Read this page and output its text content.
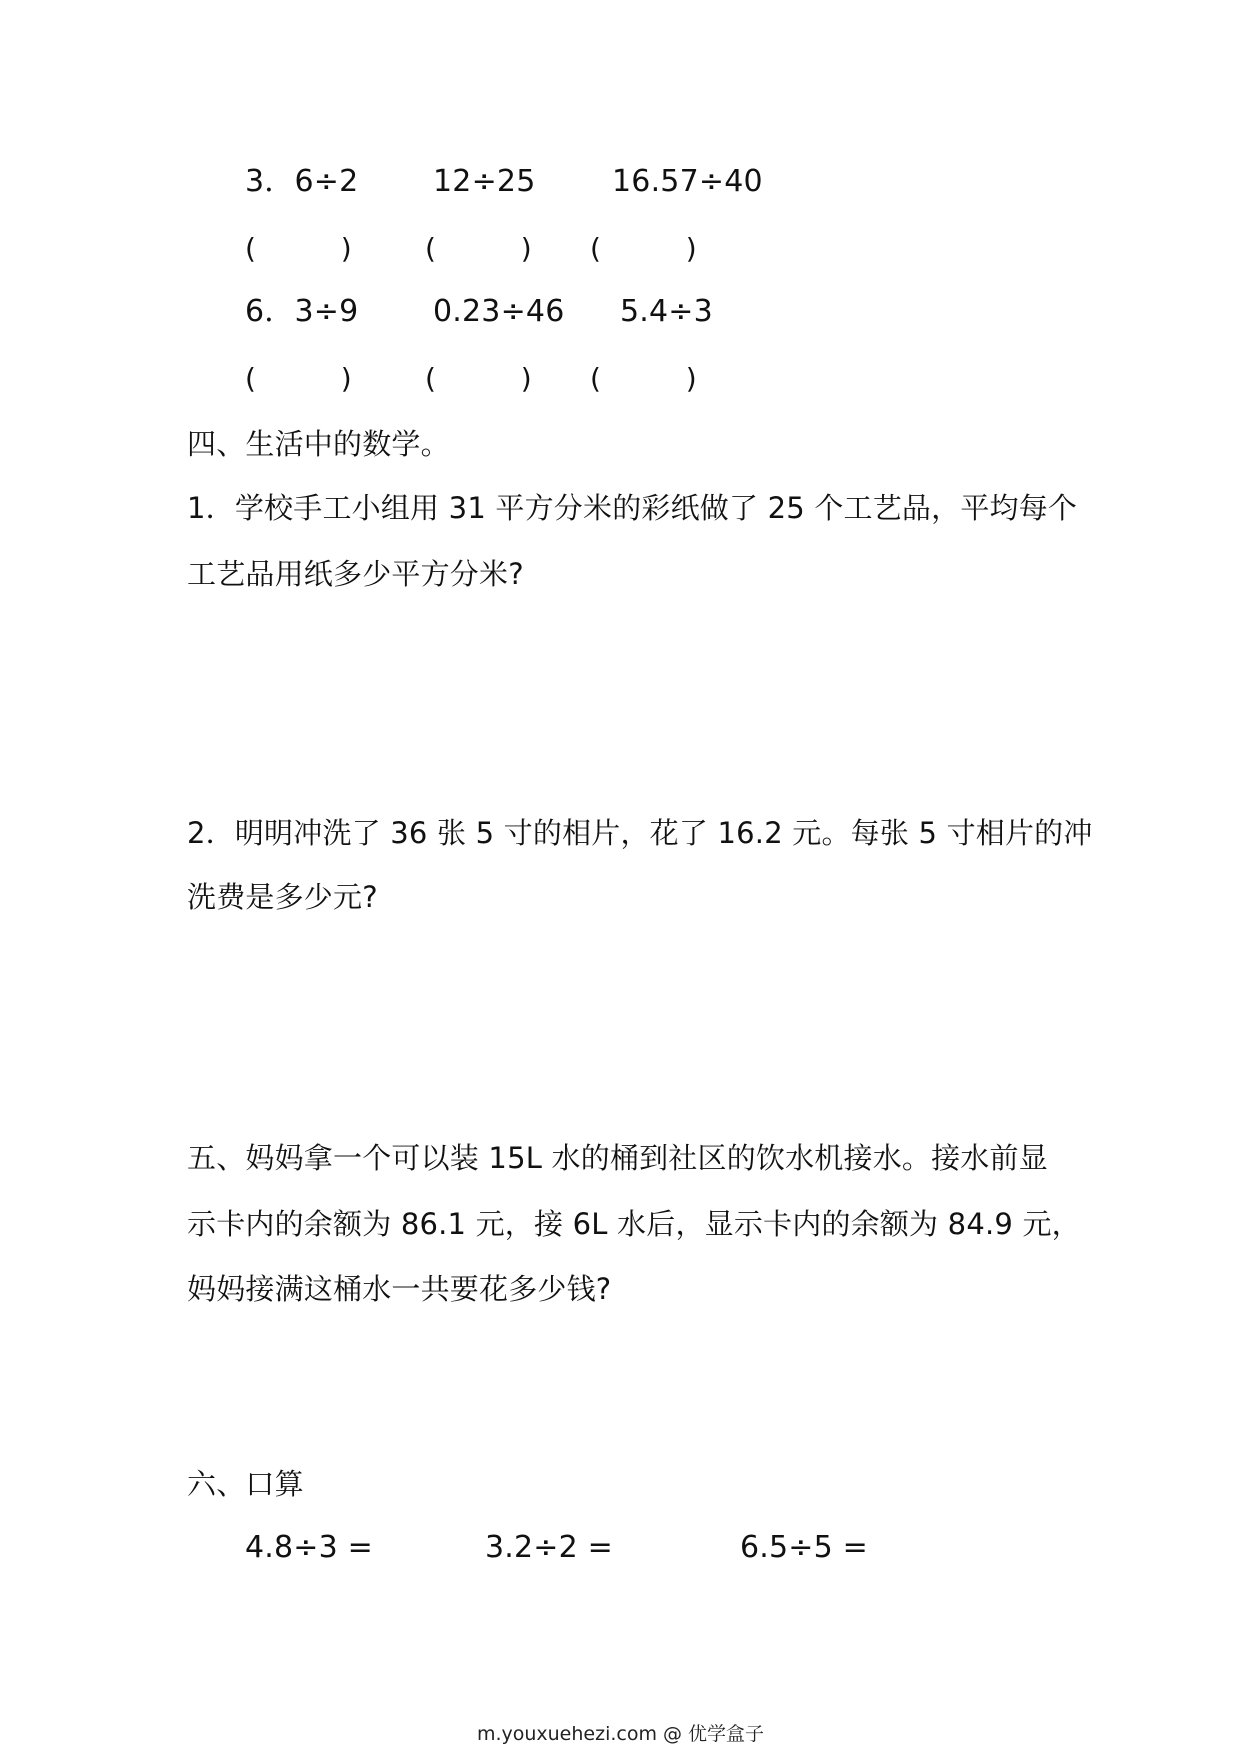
3．6÷2 12÷25	16.57÷40
(　　　)	(　　　) (　　　)
6．3÷9 0.23÷46 5.4÷3
(　　　)	(　　　) (　　　)
四、生活中的数学。
1．学校手工小组用 31 平方分米的彩纸做了 25 个工艺品，平均每个
工艺品用纸多少平方分米?
2．明明冲洗了 36 张 5 寸的相片，花了 16.2 元。每张 5 寸相片的冲
洗费是多少元?
五、妈妈拿一个可以装 15L 水的桶到社区的饮水机接水。接水前显
示卡内的余额为 86.1 元，接 6L 水后，显示卡内的余额为 84.9 元，
妈妈接满这桶水一共要花多少钱?
六、口算
4.8÷3 =	3.2÷2 =	6.5÷5 =
m.youxuehezi.com @ 优学盒子
